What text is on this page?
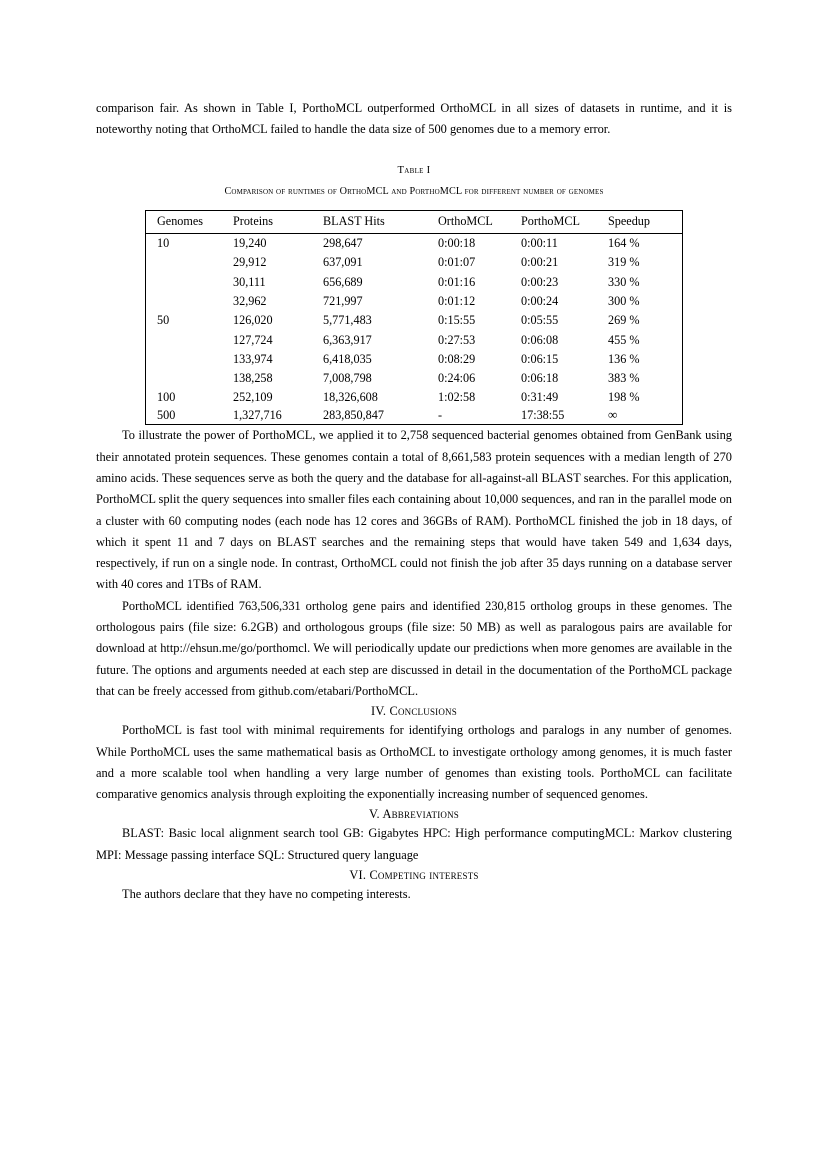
comparison fair. As shown in Table I, PorthoMCL outperformed OrthoMCL in all sizes of datasets in runtime, and it is noteworthy noting that OrthoMCL failed to handle the data size of 500 genomes due to a memory error.

Table I
Comparison of runtimes of OrthoMCL and PorthoMCL for different number of genomes
Genomes	Proteins	BLAST Hits	OrthoMCL	PorthoMCL	Speedup
10	19,240	298,647	0:00:18	0:00:11	164 %
	29,912	637,091	0:01:07	0:00:21	319 %
	30,111	656,689	0:01:16	0:00:23	330 %
	32,962	721,997	0:01:12	0:00:24	300 %
50	126,020	5,771,483	0:15:55	0:05:55	269 %
	127,724	6,363,917	0:27:53	0:06:08	455 %
	133,974	6,418,035	0:08:29	0:06:15	136 %
	138,258	7,008,798	0:24:06	0:06:18	383 %
100	252,109	18,326,608	1:02:58	0:31:49	198 %
500	1,327,716	283,850,847	-	17:38:55	∞

To illustrate the power of PorthoMCL, we applied it to 2,758 sequenced bacterial genomes obtained from GenBank using their annotated protein sequences. These genomes contain a total of 8,661,583 protein sequences with a median length of 270 amino acids. These sequences serve as both the query and the database for all-against-all BLAST searches. For this application, PorthoMCL split the query sequences into smaller files each containing about 10,000 sequences, and ran in the parallel mode on a cluster with 60 computing nodes (each node has 12 cores and 36GBs of RAM). PorthoMCL finished the job in 18 days, of which it spent 11 and 7 days on BLAST searches and the remaining steps that would have taken 549 and 1,634 days, respectively, if run on a single node. In contrast, OrthoMCL could not finish the job after 35 days running on a database server with 40 cores and 1TBs of RAM.

PorthoMCL identified 763,506,331 ortholog gene pairs and identified 230,815 ortholog groups in these genomes. The orthologous pairs (file size: 6.2GB) and orthologous groups (file size: 50 MB) as well as paralogous pairs are available for download at http://ehsun.me/go/porthomcl. We will periodically update our predictions when more genomes are available in the future. The options and arguments needed at each step are discussed in detail in the documentation of the PorthoMCL package that can be freely accessed from github.com/etabari/PorthoMCL.

IV. Conclusions

PorthoMCL is fast tool with minimal requirements for identifying orthologs and paralogs in any number of genomes. While PorthoMCL uses the same mathematical basis as OrthoMCL to investigate orthology among genomes, it is much faster and a more scalable tool when handling a very large number of genomes than existing tools. PorthoMCL can facilitate comparative genomics analysis through exploiting the exponentially increasing number of sequenced genomes.

V. Abbreviations

BLAST: Basic local alignment search tool GB: Gigabytes HPC: High performance computingMCL: Markov clustering MPI: Message passing interface SQL: Structured query language

VI. Competing interests

The authors declare that they have no competing interests.
